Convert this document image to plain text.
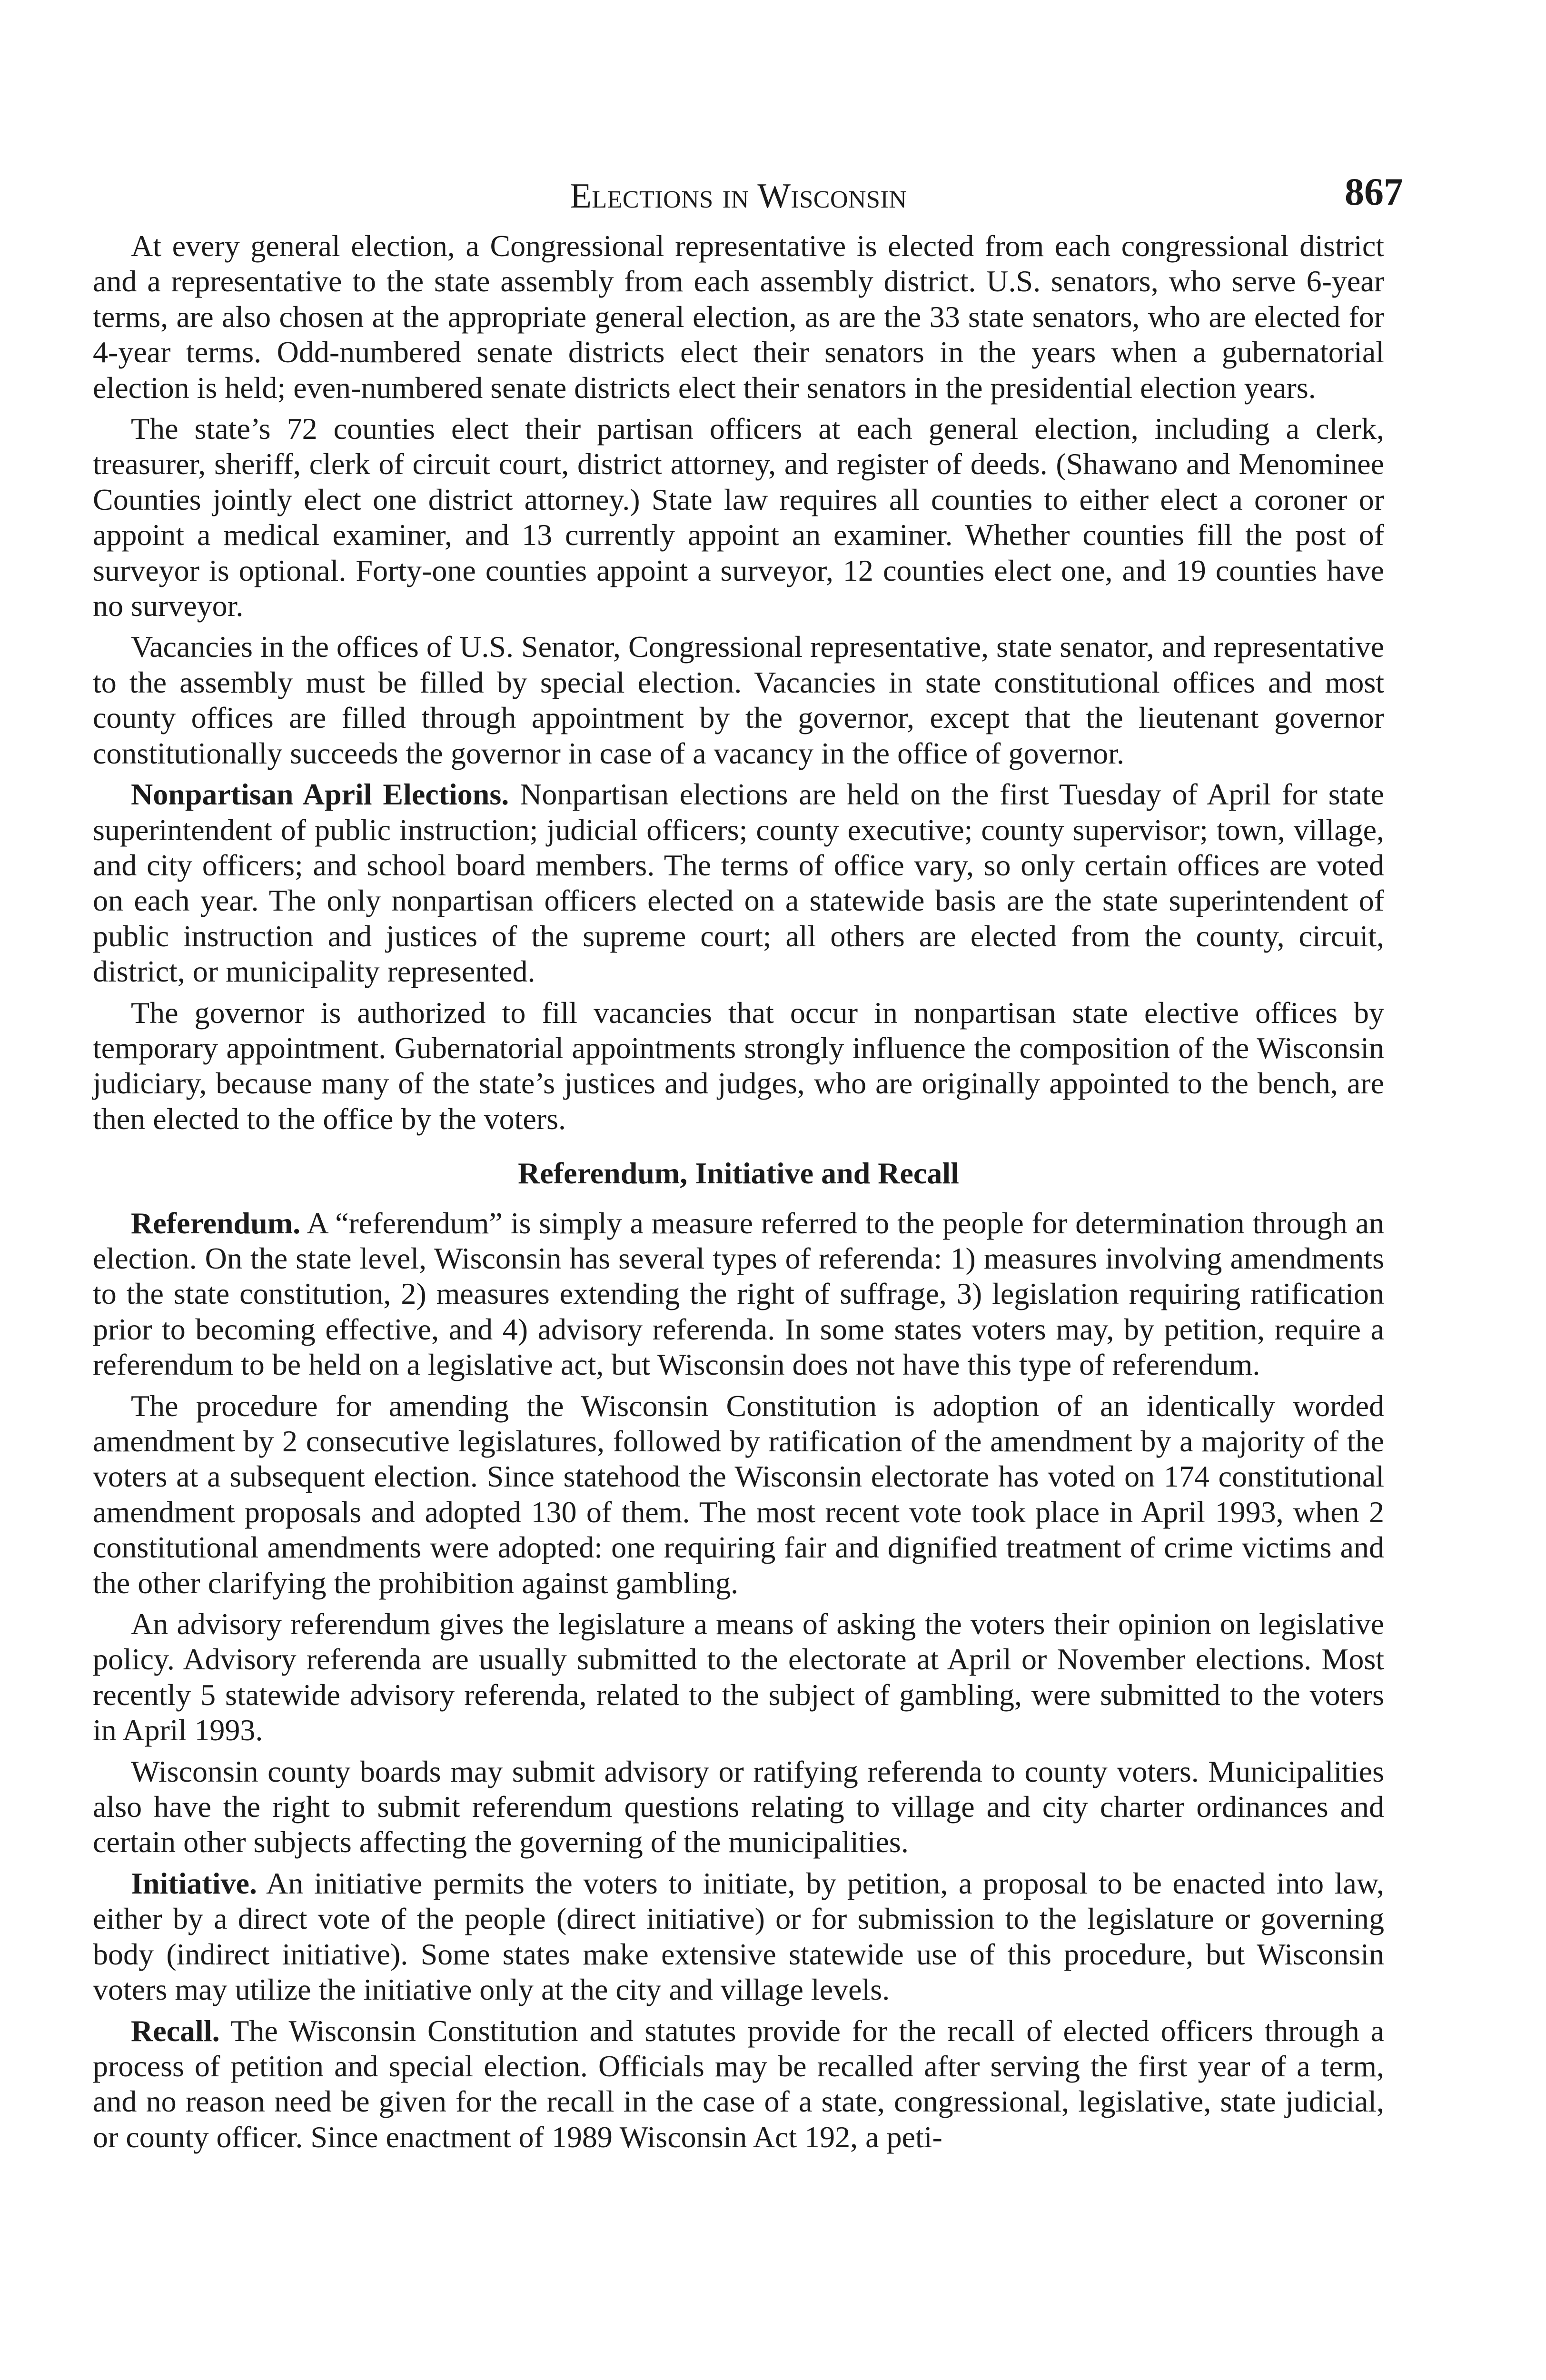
Elections in Wisconsin	867

At every general election, a Congressional representative is elected from each congressional district and a representative to the state assembly from each assembly district. U.S. senators, who serve 6-year terms, are also chosen at the appropriate general election, as are the 33 state senators, who are elected for 4-year terms. Odd-numbered senate districts elect their senators in the years when a gubernatorial election is held; even-numbered senate districts elect their senators in the presidential election years.

The state’s 72 counties elect their partisan officers at each general election, including a clerk, treasurer, sheriff, clerk of circuit court, district attorney, and register of deeds. (Shawano and Menominee Counties jointly elect one district attorney.) State law requires all counties to either elect a coroner or appoint a medical examiner, and 13 currently appoint an examiner. Whether counties fill the post of surveyor is optional. Forty-one counties appoint a surveyor, 12 counties elect one, and 19 counties have no surveyor.

Vacancies in the offices of U.S. Senator, Congressional representative, state senator, and representative to the assembly must be filled by special election. Vacancies in state constitutional offices and most county offices are filled through appointment by the governor, except that the lieutenant governor constitutionally succeeds the governor in case of a vacancy in the office of governor.

Nonpartisan April Elections. Nonpartisan elections are held on the first Tuesday of April for state superintendent of public instruction; judicial officers; county executive; county supervisor; town, village, and city officers; and school board members. The terms of office vary, so only certain offices are voted on each year. The only nonpartisan officers elected on a statewide basis are the state superintendent of public instruction and justices of the supreme court; all others are elected from the county, circuit, district, or municipality represented.

The governor is authorized to fill vacancies that occur in nonpartisan state elective offices by temporary appointment. Gubernatorial appointments strongly influence the composition of the Wisconsin judiciary, because many of the state’s justices and judges, who are originally appointed to the bench, are then elected to the office by the voters.

Referendum, Initiative and Recall

Referendum. A “referendum” is simply a measure referred to the people for determination through an election. On the state level, Wisconsin has several types of referenda: 1) measures involving amendments to the state constitution, 2) measures extending the right of suffrage, 3) legislation requiring ratification prior to becoming effective, and 4) advisory referenda. In some states voters may, by petition, require a referendum to be held on a legislative act, but Wisconsin does not have this type of referendum.

The procedure for amending the Wisconsin Constitution is adoption of an identically worded amendment by 2 consecutive legislatures, followed by ratification of the amendment by a majority of the voters at a subsequent election. Since statehood the Wisconsin electorate has voted on 174 constitutional amendment proposals and adopted 130 of them. The most recent vote took place in April 1993, when 2 constitutional amendments were adopted: one requiring fair and dignified treatment of crime victims and the other clarifying the prohibition against gambling.

An advisory referendum gives the legislature a means of asking the voters their opinion on legislative policy. Advisory referenda are usually submitted to the electorate at April or November elections. Most recently 5 statewide advisory referenda, related to the subject of gambling, were submitted to the voters in April 1993.

Wisconsin county boards may submit advisory or ratifying referenda to county voters. Municipalities also have the right to submit referendum questions relating to village and city charter ordinances and certain other subjects affecting the governing of the municipalities.

Initiative. An initiative permits the voters to initiate, by petition, a proposal to be enacted into law, either by a direct vote of the people (direct initiative) or for submission to the legislature or governing body (indirect initiative). Some states make extensive statewide use of this procedure, but Wisconsin voters may utilize the initiative only at the city and village levels.

Recall. The Wisconsin Constitution and statutes provide for the recall of elected officers through a process of petition and special election. Officials may be recalled after serving the first year of a term, and no reason need be given for the recall in the case of a state, congressional, legislative, state judicial, or county officer. Since enactment of 1989 Wisconsin Act 192, a peti-
